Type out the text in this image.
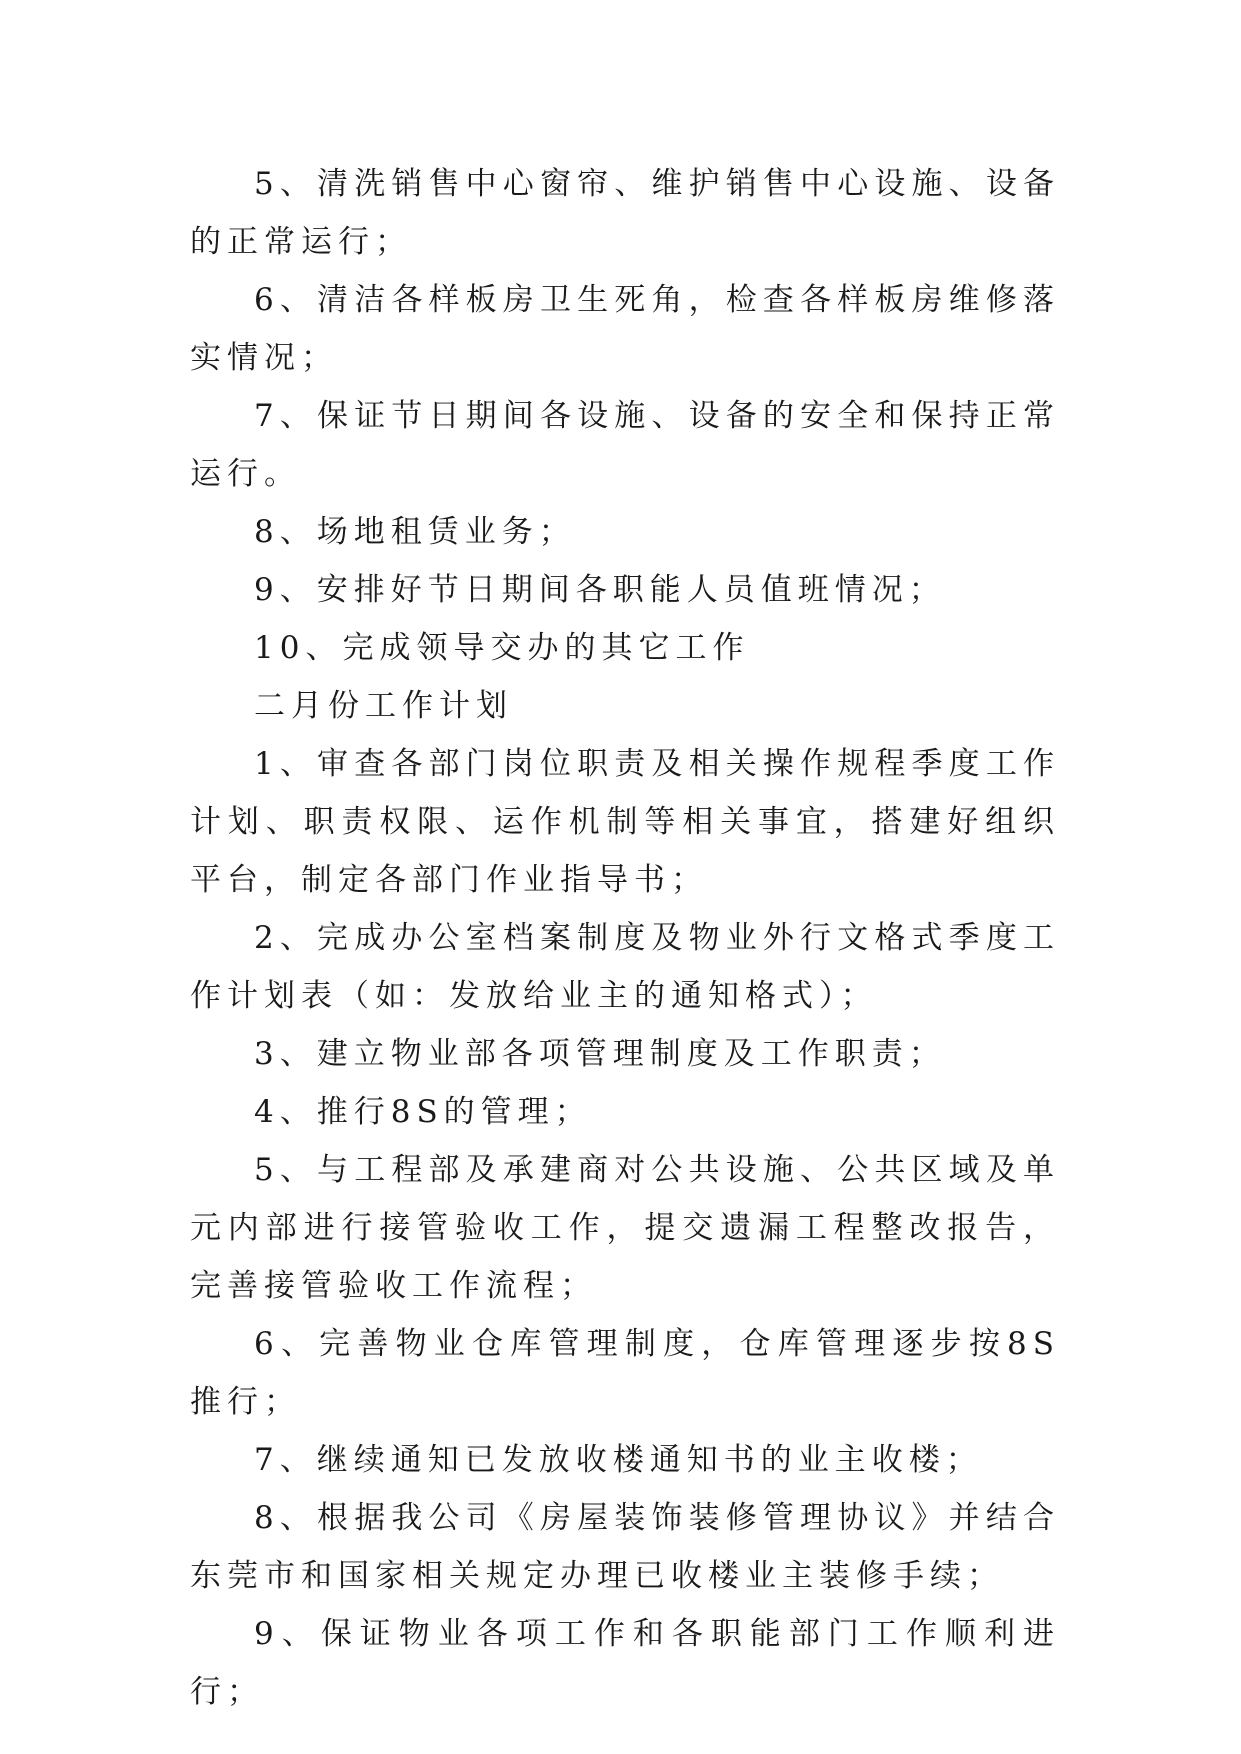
5、清洗销售中心窗帘、维护销售中心设施、设备的正常运行；

6、清洁各样板房卫生死角，检查各样板房维修落实情况；

7、保证节日期间各设施、设备的安全和保持正常运行。

8、场地租赁业务；

9、安排好节日期间各职能人员值班情况；

10、完成领导交办的其它工作

二月份工作计划

1、审查各部门岗位职责及相关操作规程季度工作计划、职责权限、运作机制等相关事宜，搭建好组织平台，制定各部门作业指导书；

2、完成办公室档案制度及物业外行文格式季度工作计划表（如：发放给业主的通知格式）；

3、建立物业部各项管理制度及工作职责；

4、推行8S的管理；

5、与工程部及承建商对公共设施、公共区域及单元内部进行接管验收工作，提交遗漏工程整改报告，完善接管验收工作流程；

6、完善物业仓库管理制度，仓库管理逐步按8S推行；

7、继续通知已发放收楼通知书的业主收楼；

8、根据我公司《房屋装饰装修管理协议》并结合东莞市和国家相关规定办理已收楼业主装修手续；

9、保证物业各项工作和各职能部门工作顺利进行；
